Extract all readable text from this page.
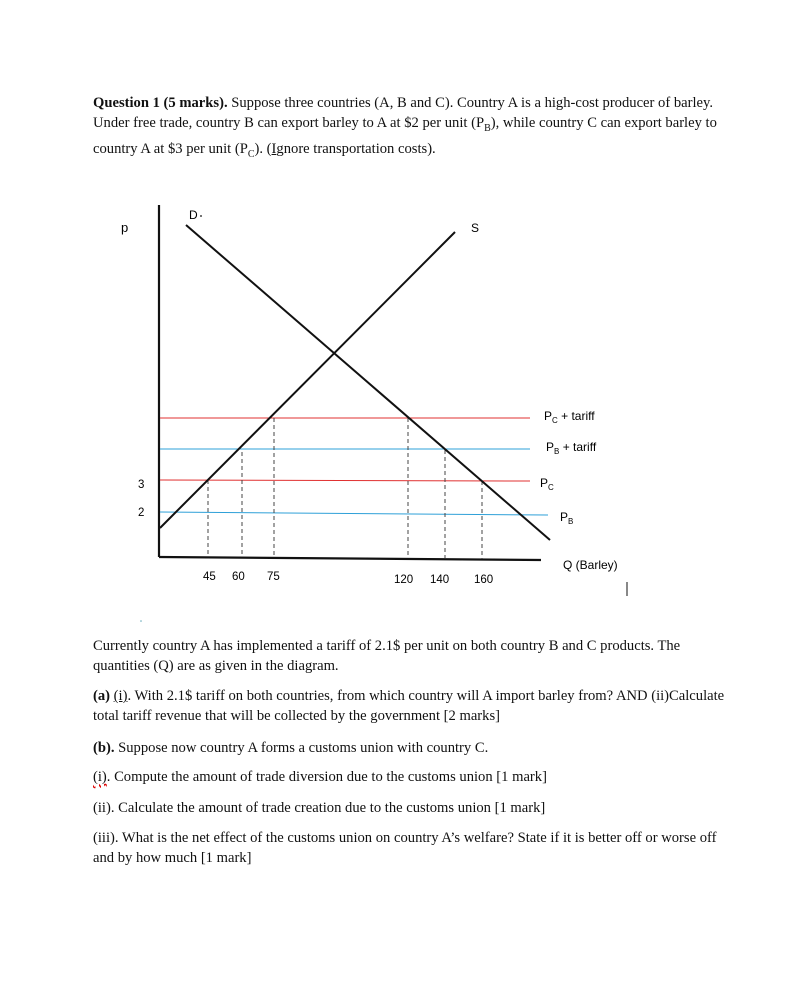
Question 1 (5 marks). Suppose three countries (A, B and C). Country A is a high-cost producer of barley. Under free trade, country B can export barley to A at $2 per unit $(P_B)$, while country C can export barley to country A at $3 per unit $(P_C)$. (Ignore transportation costs).
D
S
p
3
2
45 60 75	120 140 160
$P_C$ + tariff
$P_B$ + tariff
$P_C$
$P_B$
Q (Barley)
Currently country A has implemented a tariff of 2.1$ per unit on both country B and C products. The quantities (Q) are as given in the diagram.
(a) (i). With 2.1$ tariff on both countries, from which country will A import barley from? AND (ii)Calculate total tariff revenue that will be collected by the government [2 marks]
(b). Suppose now country A forms a customs union with country C.
(i). Compute the amount of trade diversion due to the customs union [1 mark]
(ii). Calculate the amount of trade creation due to the customs union [1 mark]
(iii). What is the net effect of the customs union on country A’s welfare? State if it is better off or worse off and by how much [1 mark]
